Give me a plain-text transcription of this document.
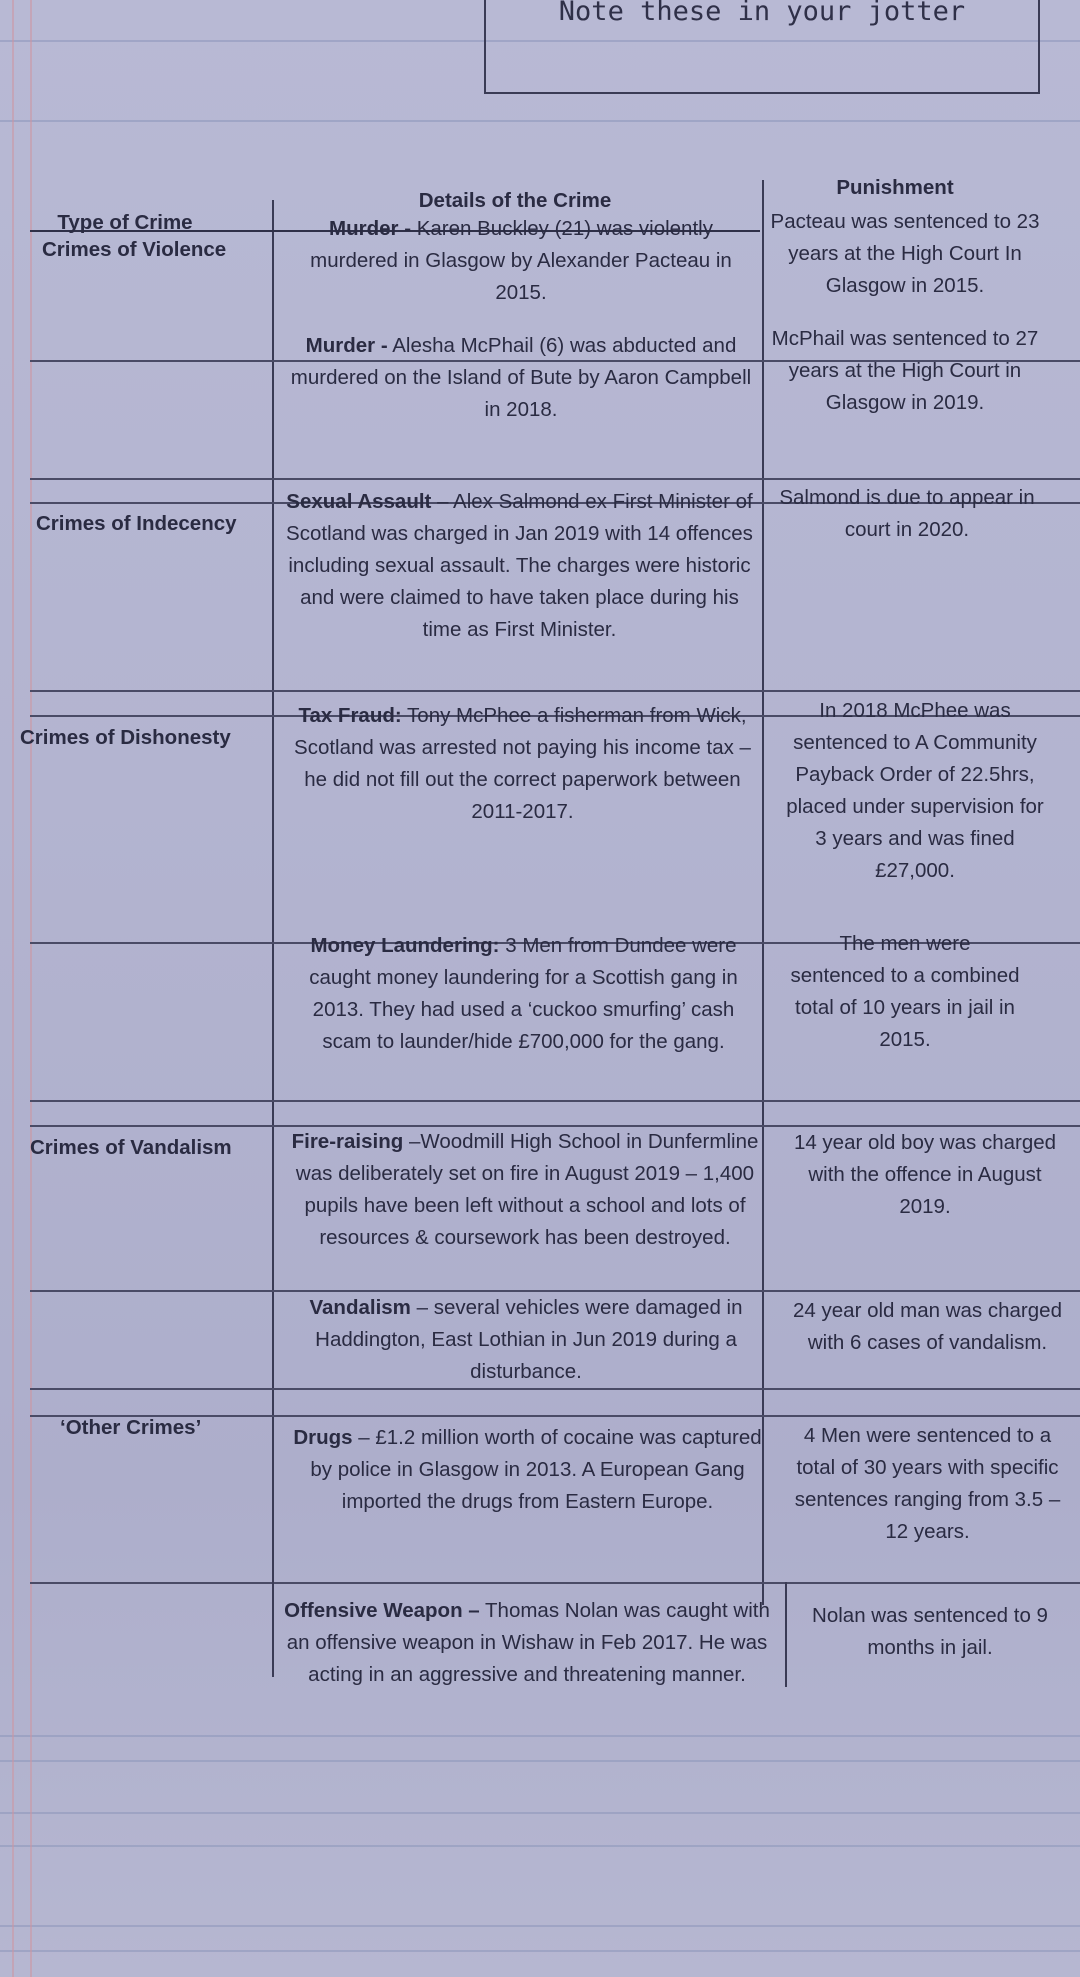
Note these in your jotter
Type of Crime
Details of the Crime
Punishment
Crimes of Violence
Murder - Karen Buckley (21) was violently murdered in Glasgow by Alexander Pacteau in 2015.
Pacteau was sentenced to 23 years at the High Court In Glasgow in 2015.
Murder - Alesha McPhail (6) was abducted and murdered on the Island of Bute by Aaron Campbell in 2018.
McPhail was sentenced to 27 years at the High Court in Glasgow in 2019.
Crimes of Indecency
Sexual Assault – Alex Salmond ex First Minister of Scotland was charged in Jan 2019 with 14 offences including sexual assault. The charges were historic and were claimed to have taken place during his time as First Minister.
Salmond is due to appear in court in 2020.
Crimes of Dishonesty
Tax Fraud: Tony McPhee a fisherman from Wick, Scotland was arrested not paying his income tax – he did not fill out the correct paperwork between 2011-2017.
In 2018 McPhee was sentenced to A Community Payback Order of 22.5hrs, placed under supervision for 3 years and was fined £27,000.
Money Laundering: 3 Men from Dundee were caught money laundering for a Scottish gang in 2013. They had used a ‘cuckoo smurfing’ cash scam to launder/hide £700,000 for the gang.
The men were sentenced to a combined total of 10 years in jail in 2015.
Crimes of Vandalism	Fire-raising –Woodmill High School in Dunfermline was deliberately set on fire in August 2019 – 1,400 pupils have been left without a school and lots of resources & coursework has been destroyed.
14 year old boy was charged with the offence in August 2019.
Vandalism – several vehicles were damaged in Haddington, East Lothian in Jun 2019 during a disturbance.
24 year old man was charged with 6 cases of vandalism.
‘Other Crimes’	Drugs – £1.2 million worth of cocaine was captured by police in Glasgow in 2013. A European Gang imported the drugs from Eastern Europe.
4 Men were sentenced to a total of 30 years with specific sentences ranging from 3.5 – 12 years.
Offensive Weapon – Thomas Nolan was caught with an offensive weapon in Wishaw in Feb 2017. He was acting in an aggressive and threatening manner.
Nolan was sentenced to 9 months in jail.
